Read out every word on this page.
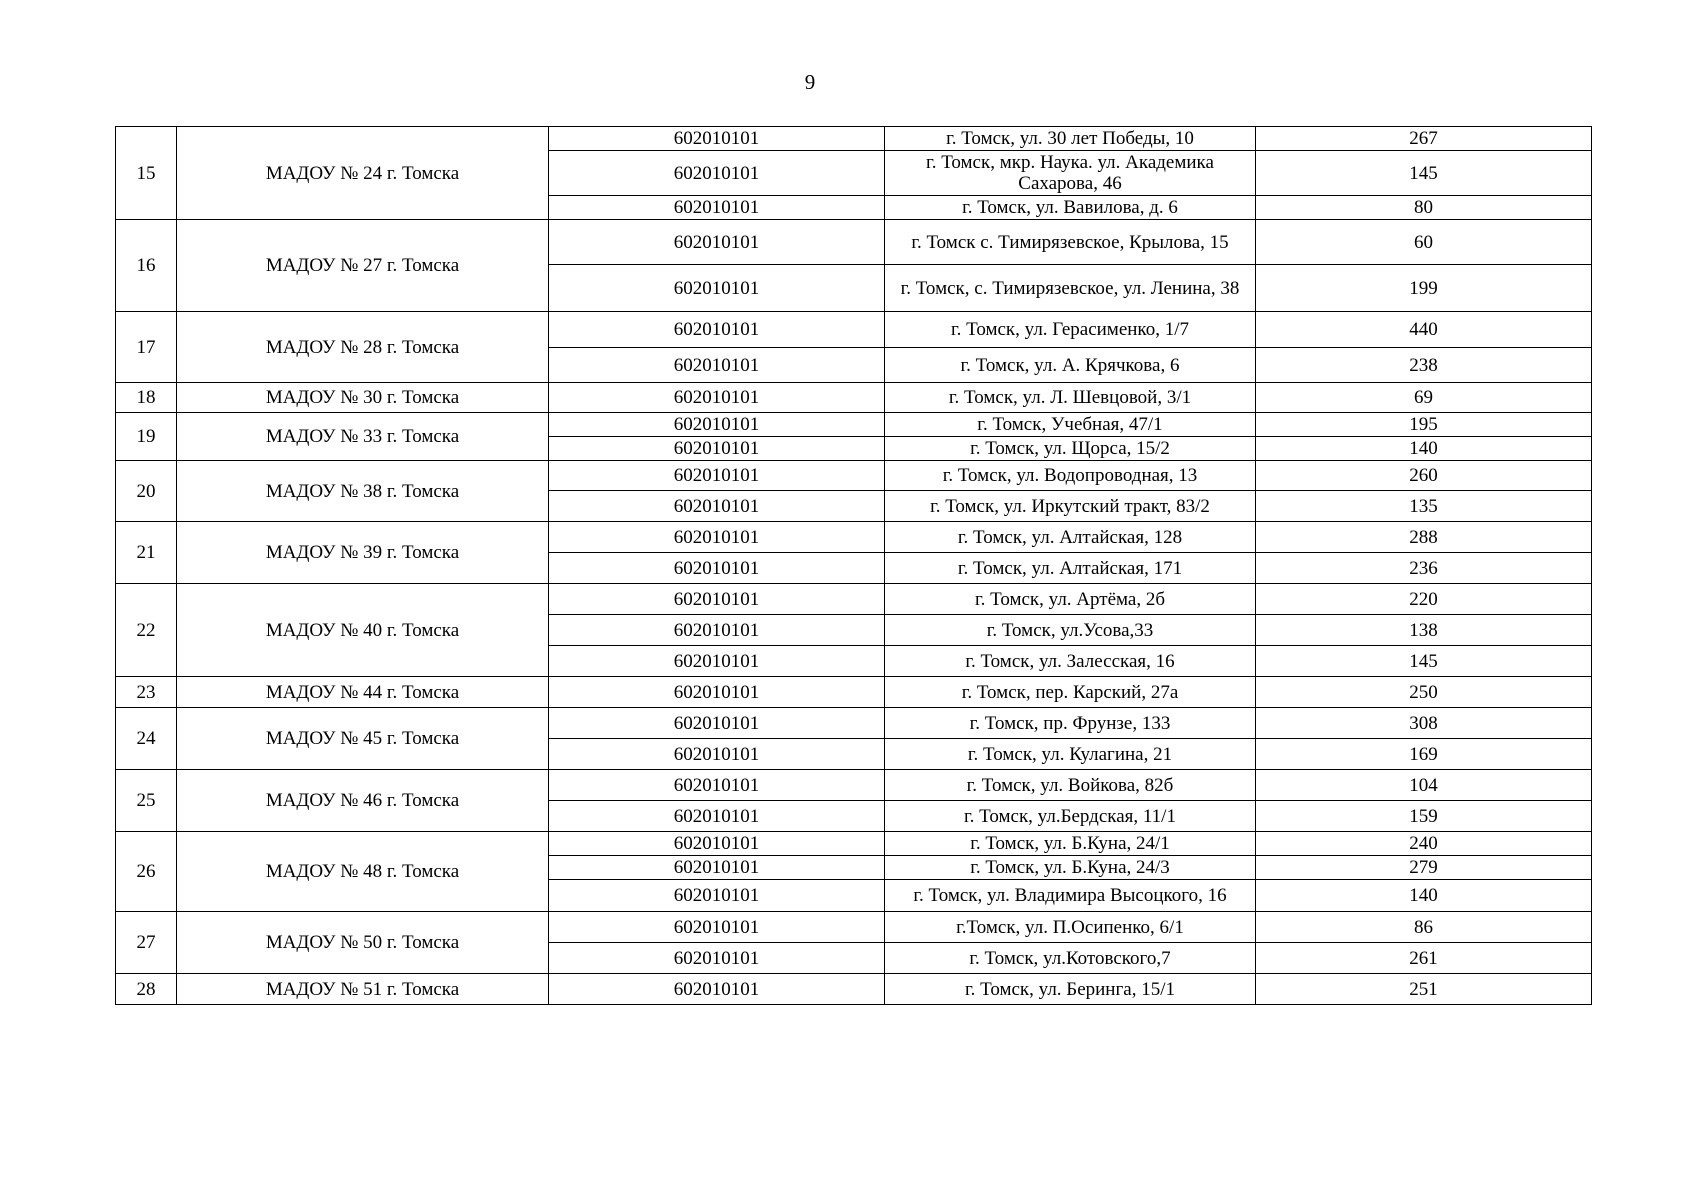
9
15	МАДОУ № 24 г. Томска	602010101	г. Томск, ул. 30 лет Победы, 10	267
		602010101	г. Томск, мкр. Наука. ул. Академика Сахарова, 46	145
		602010101	г. Томск, ул. Вавилова, д. 6	80
16	МАДОУ № 27 г. Томска	602010101	г. Томск с. Тимирязевское, Крылова, 15	60
		602010101	г. Томск, с. Тимирязевское, ул. Ленина, 38	199
17	МАДОУ № 28 г. Томска	602010101	г. Томск, ул. Герасименко, 1/7	440
		602010101	г. Томск, ул. А. Крячкова, 6	238
18	МАДОУ № 30 г. Томска	602010101	г. Томск, ул. Л. Шевцовой, 3/1	69
19	МАДОУ № 33 г. Томска	602010101	г. Томск, Учебная, 47/1	195
		602010101	г. Томск, ул. Щорса, 15/2	140
20	МАДОУ № 38 г. Томска	602010101	г. Томск, ул. Водопроводная, 13	260
		602010101	г. Томск, ул. Иркутский тракт, 83/2	135
21	МАДОУ № 39 г. Томска	602010101	г. Томск, ул. Алтайская, 128	288
		602010101	г. Томск, ул. Алтайская, 171	236
22	МАДОУ № 40 г. Томска	602010101	г. Томск, ул. Артёма, 2б	220
		602010101	г. Томск, ул.Усова,33	138
		602010101	г. Томск, ул. Залесская, 16	145
23	МАДОУ № 44 г. Томска	602010101	г. Томск, пер. Карский, 27а	250
24	МАДОУ № 45 г. Томска	602010101	г. Томск, пр. Фрунзе, 133	308
		602010101	г. Томск, ул. Кулагина, 21	169
25	МАДОУ № 46 г. Томска	602010101	г. Томск, ул. Войкова, 82б	104
		602010101	г. Томск, ул.Бердская, 11/1	159
26	МАДОУ № 48 г. Томска	602010101	г. Томск, ул. Б.Куна, 24/1	240
		602010101	г. Томск, ул. Б.Куна, 24/3	279
		602010101	г. Томск, ул. Владимира Высоцкого, 16	140
27	МАДОУ № 50 г. Томска	602010101	г.Томск, ул. П.Осипенко, 6/1	86
		602010101	г. Томск, ул.Котовского,7	261
28	МАДОУ № 51 г. Томска	602010101	г. Томск, ул. Беринга, 15/1	251
